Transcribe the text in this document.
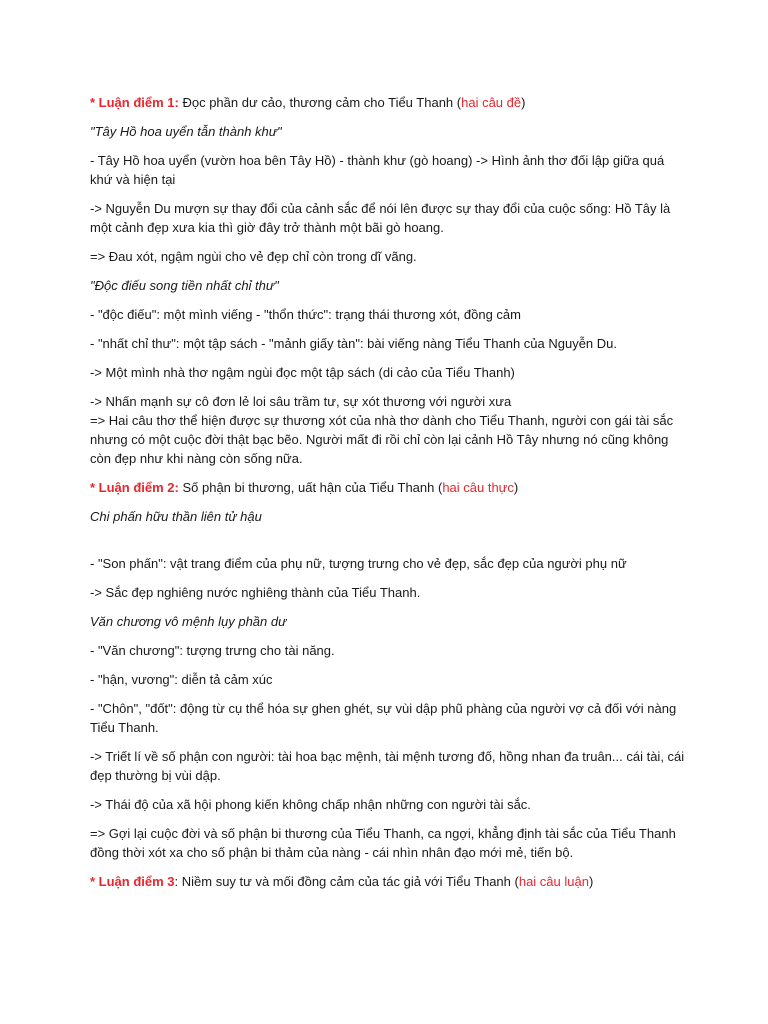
* Luận điểm 1: Đọc phần dư cảo, thương cảm cho Tiểu Thanh (hai câu đề)

"Tây Hồ hoa uyển tẫn thành khư"

- Tây Hồ hoa uyển (vườn hoa bên Tây Hồ) - thành khư (gò hoang) -> Hình ảnh thơ đối lập giữa quá khứ và hiện tại

-> Nguyễn Du mượn sự thay đổi của cảnh sắc để nói lên được sự thay đổi của cuộc sống: Hồ Tây là một cảnh đẹp xưa kia thì giờ đây trở thành một bãi gò hoang.

=> Đau xót, ngậm ngùi cho vẻ đẹp chỉ còn trong dĩ vãng.

"Độc điếu song tiền nhất chỉ thư"

- "độc điếu": một mình viếng - "thổn thức": trạng thái thương xót, đồng cảm

- "nhất chỉ thư": một tập sách - "mảnh giấy tàn": bài viếng nàng Tiểu Thanh của Nguyễn Du.

-> Một mình nhà thơ ngậm ngùi đọc một tập sách (di cảo của Tiểu Thanh)

-> Nhấn mạnh sự cô đơn lẻ loi sâu trầm tư, sự xót thương với người xưa

=> Hai câu thơ thể hiện được sự thương xót của nhà thơ dành cho Tiểu Thanh, người con gái tài sắc nhưng có một cuộc đời thật bạc bẽo. Người mất đi rồi chỉ còn lại cảnh Hồ Tây nhưng nó cũng không còn đẹp như khi nàng còn sống nữa.

* Luận điểm 2: Số phận bi thương, uất hận của Tiểu Thanh (hai câu thực)

Chi phấn hữu thần liên tử hậu

- "Son phấn": vật trang điểm của phụ nữ, tượng trưng cho vẻ đẹp, sắc đẹp của người phụ nữ

-> Sắc đẹp nghiêng nước nghiêng thành của Tiểu Thanh.

Văn chương vô mệnh lụy phần dư

- "Văn chương": tượng trưng cho tài năng.

- "hận, vương": diễn tả cảm xúc

- "Chôn", "đốt": động từ cụ thể hóa sự ghen ghét, sự vùi dập phũ phàng của người vợ cả đối với nàng Tiểu Thanh.

-> Triết lí về số phận con người: tài hoa bạc mệnh, tài mệnh tương đố, hồng nhan đa truân... cái tài, cái đẹp thường bị vùi dập.

-> Thái độ của xã hội phong kiến không chấp nhận những con người tài sắc.

=> Gợi lại cuộc đời và số phận bi thương của Tiểu Thanh, ca ngợi, khẳng định tài sắc của Tiểu Thanh đồng thời xót xa cho số phận bi thảm của nàng - cái nhìn nhân đạo mới mẻ, tiến bộ.

* Luận điểm 3: Niềm suy tư và mối đồng cảm của tác giả với Tiểu Thanh (hai câu luận)
